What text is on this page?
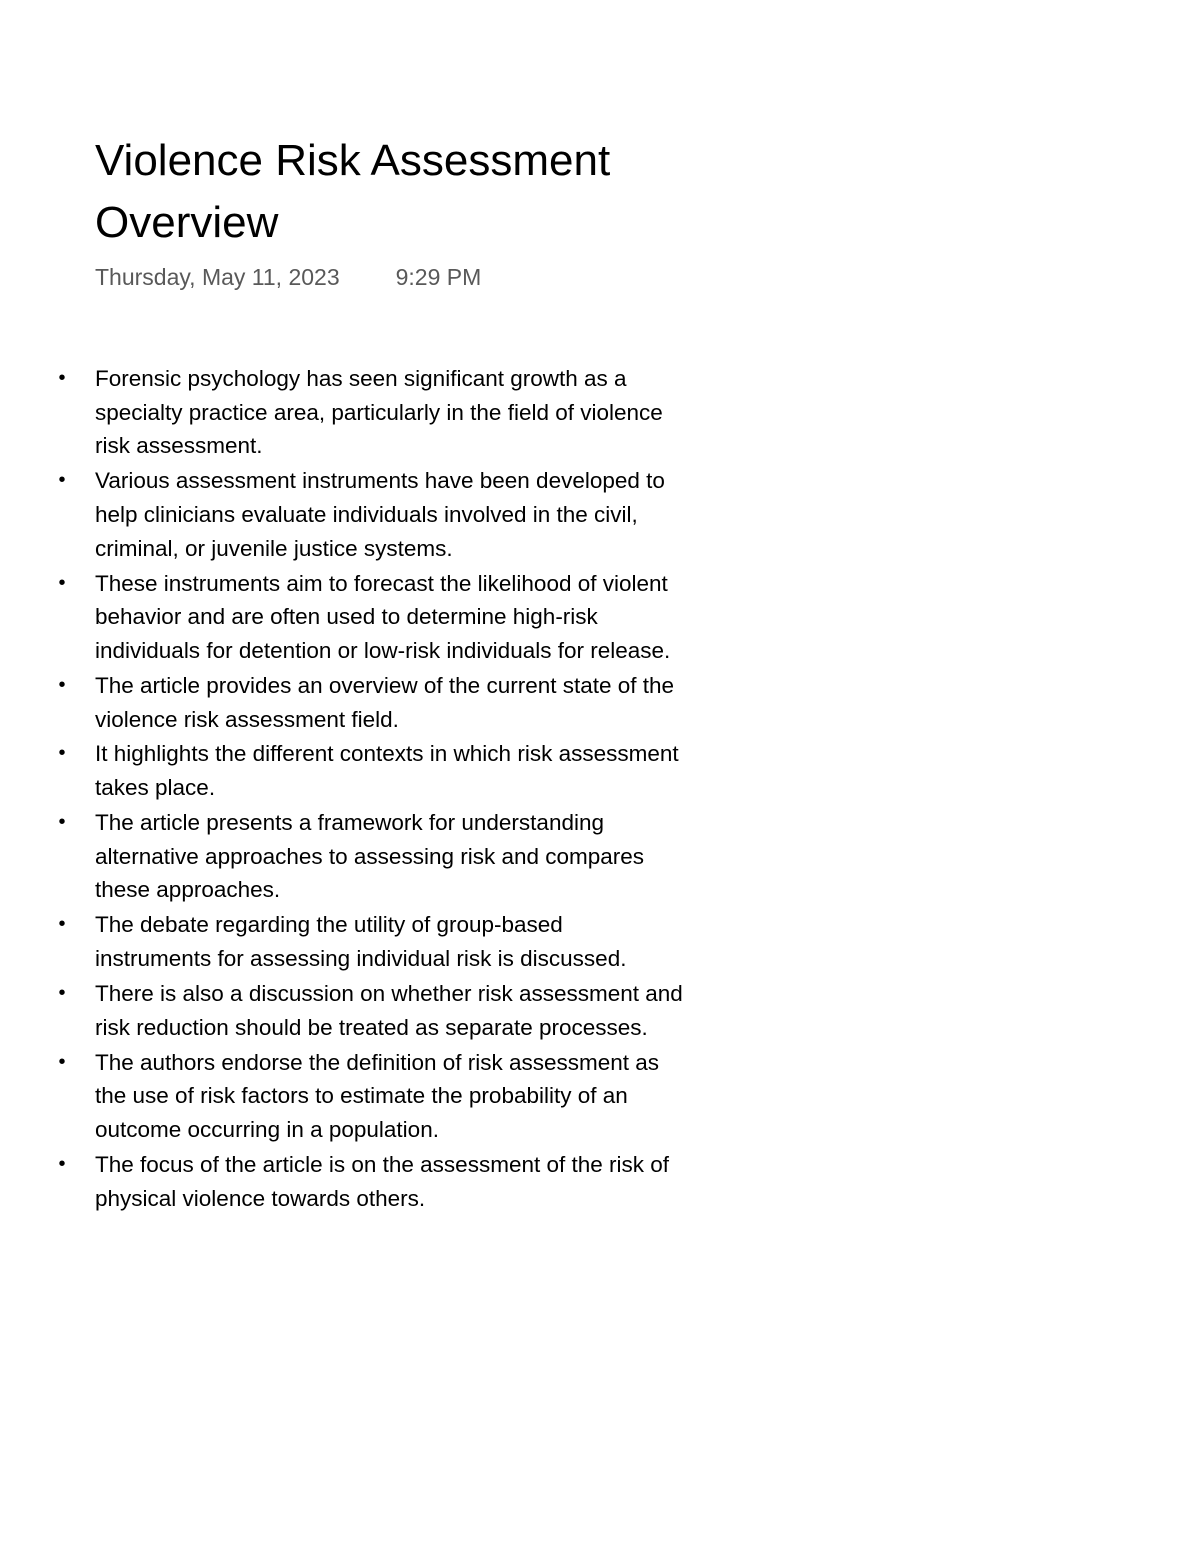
Violence Risk Assessment Overview
Thursday, May 11, 2023 9:29 PM
• Forensic psychology has seen significant growth as a specialty practice area, particularly in the field of violence risk assessment.
• Various assessment instruments have been developed to help clinicians evaluate individuals involved in the civil, criminal, or juvenile justice systems.
• These instruments aim to forecast the likelihood of violent behavior and are often used to determine high-risk individuals for detention or low-risk individuals for release.
• The article provides an overview of the current state of the violence risk assessment field.
• It highlights the different contexts in which risk assessment takes place.
• The article presents a framework for understanding alternative approaches to assessing risk and compares these approaches.
• The debate regarding the utility of group-based instruments for assessing individual risk is discussed.
• There is also a discussion on whether risk assessment and risk reduction should be treated as separate processes.
• The authors endorse the definition of risk assessment as the use of risk factors to estimate the probability of an outcome occurring in a population.
• The focus of the article is on the assessment of the risk of physical violence towards others.
